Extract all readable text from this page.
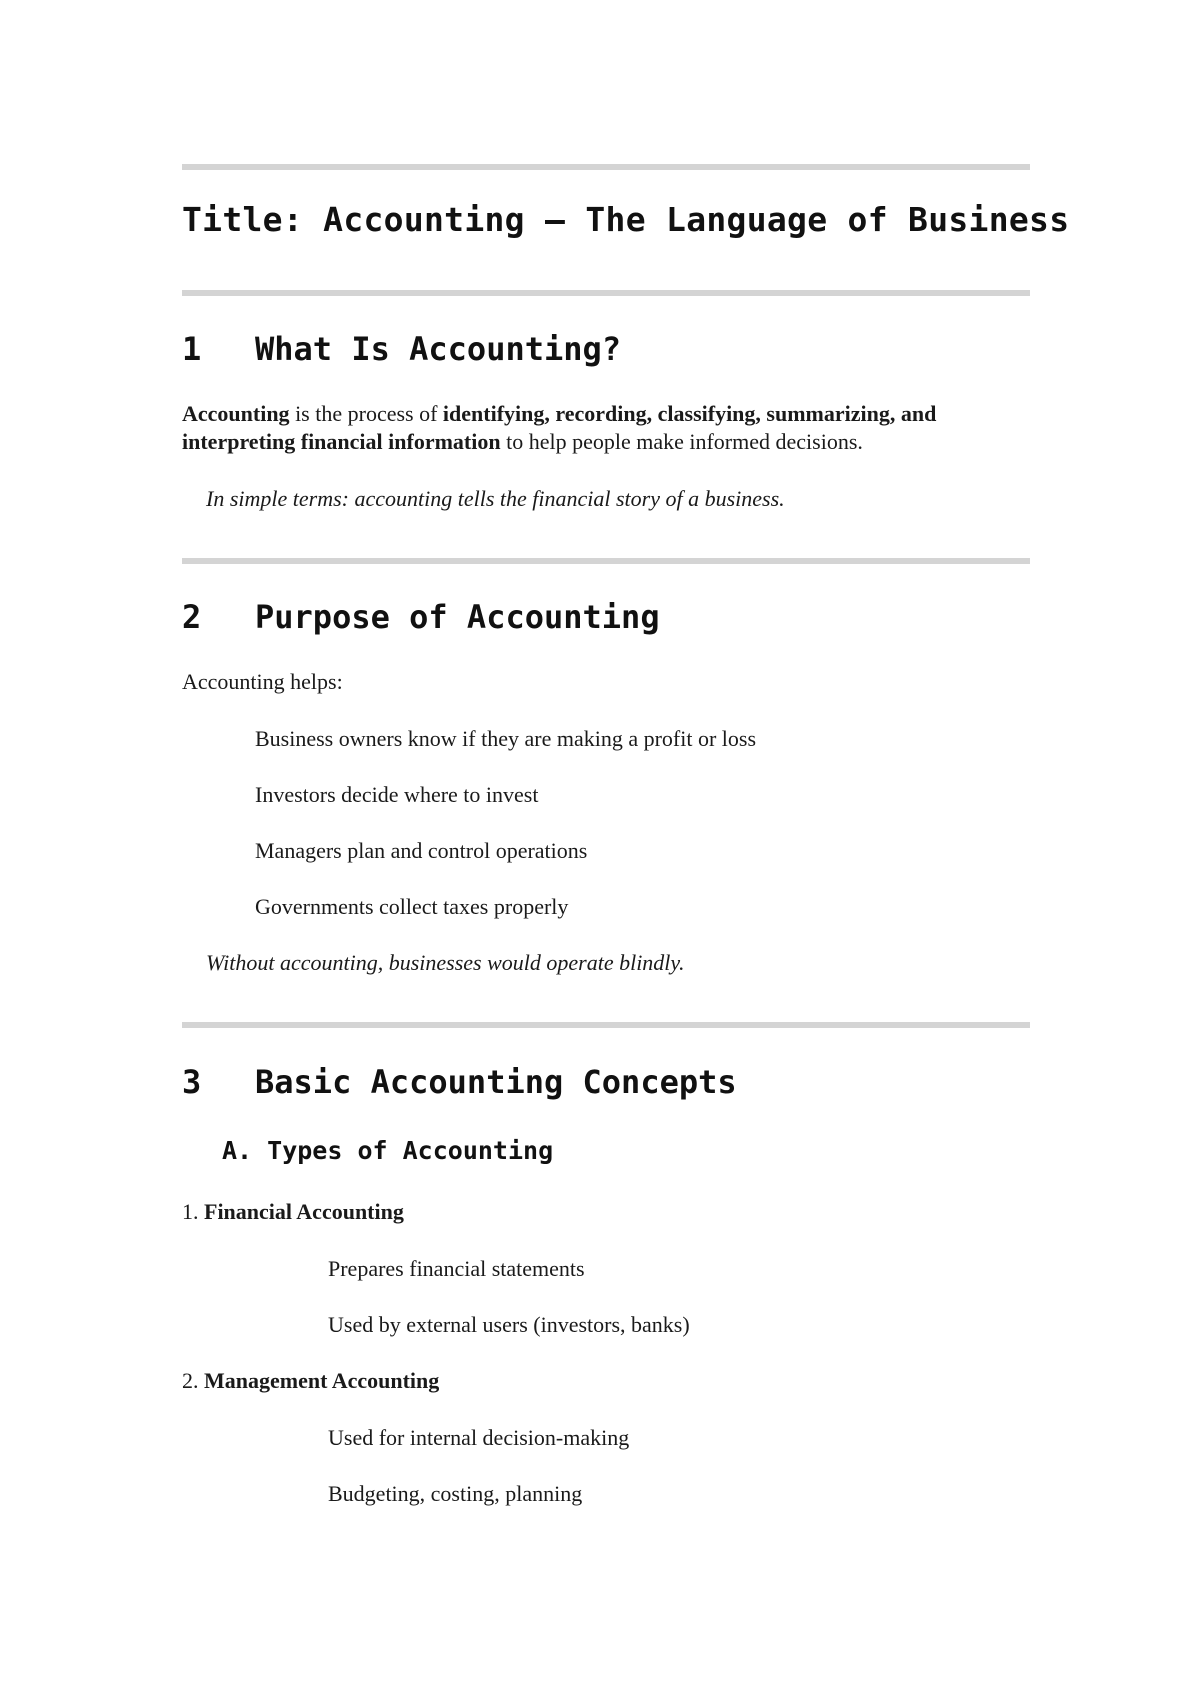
Title: Accounting – The Language of Business
1 What Is Accounting?
Accounting is the process of identifying, recording, classifying, summarizing, and interpreting financial information to help people make informed decisions.
In simple terms: accounting tells the financial story of a business.
2 Purpose of Accounting
Accounting helps:
Business owners know if they are making a profit or loss
Investors decide where to invest
Managers plan and control operations
Governments collect taxes properly
Without accounting, businesses would operate blindly.
3 Basic Accounting Concepts
A. Types of Accounting
1. Financial Accounting
Prepares financial statements
Used by external users (investors, banks)
2. Management Accounting
Used for internal decision-making
Budgeting, costing, planning
